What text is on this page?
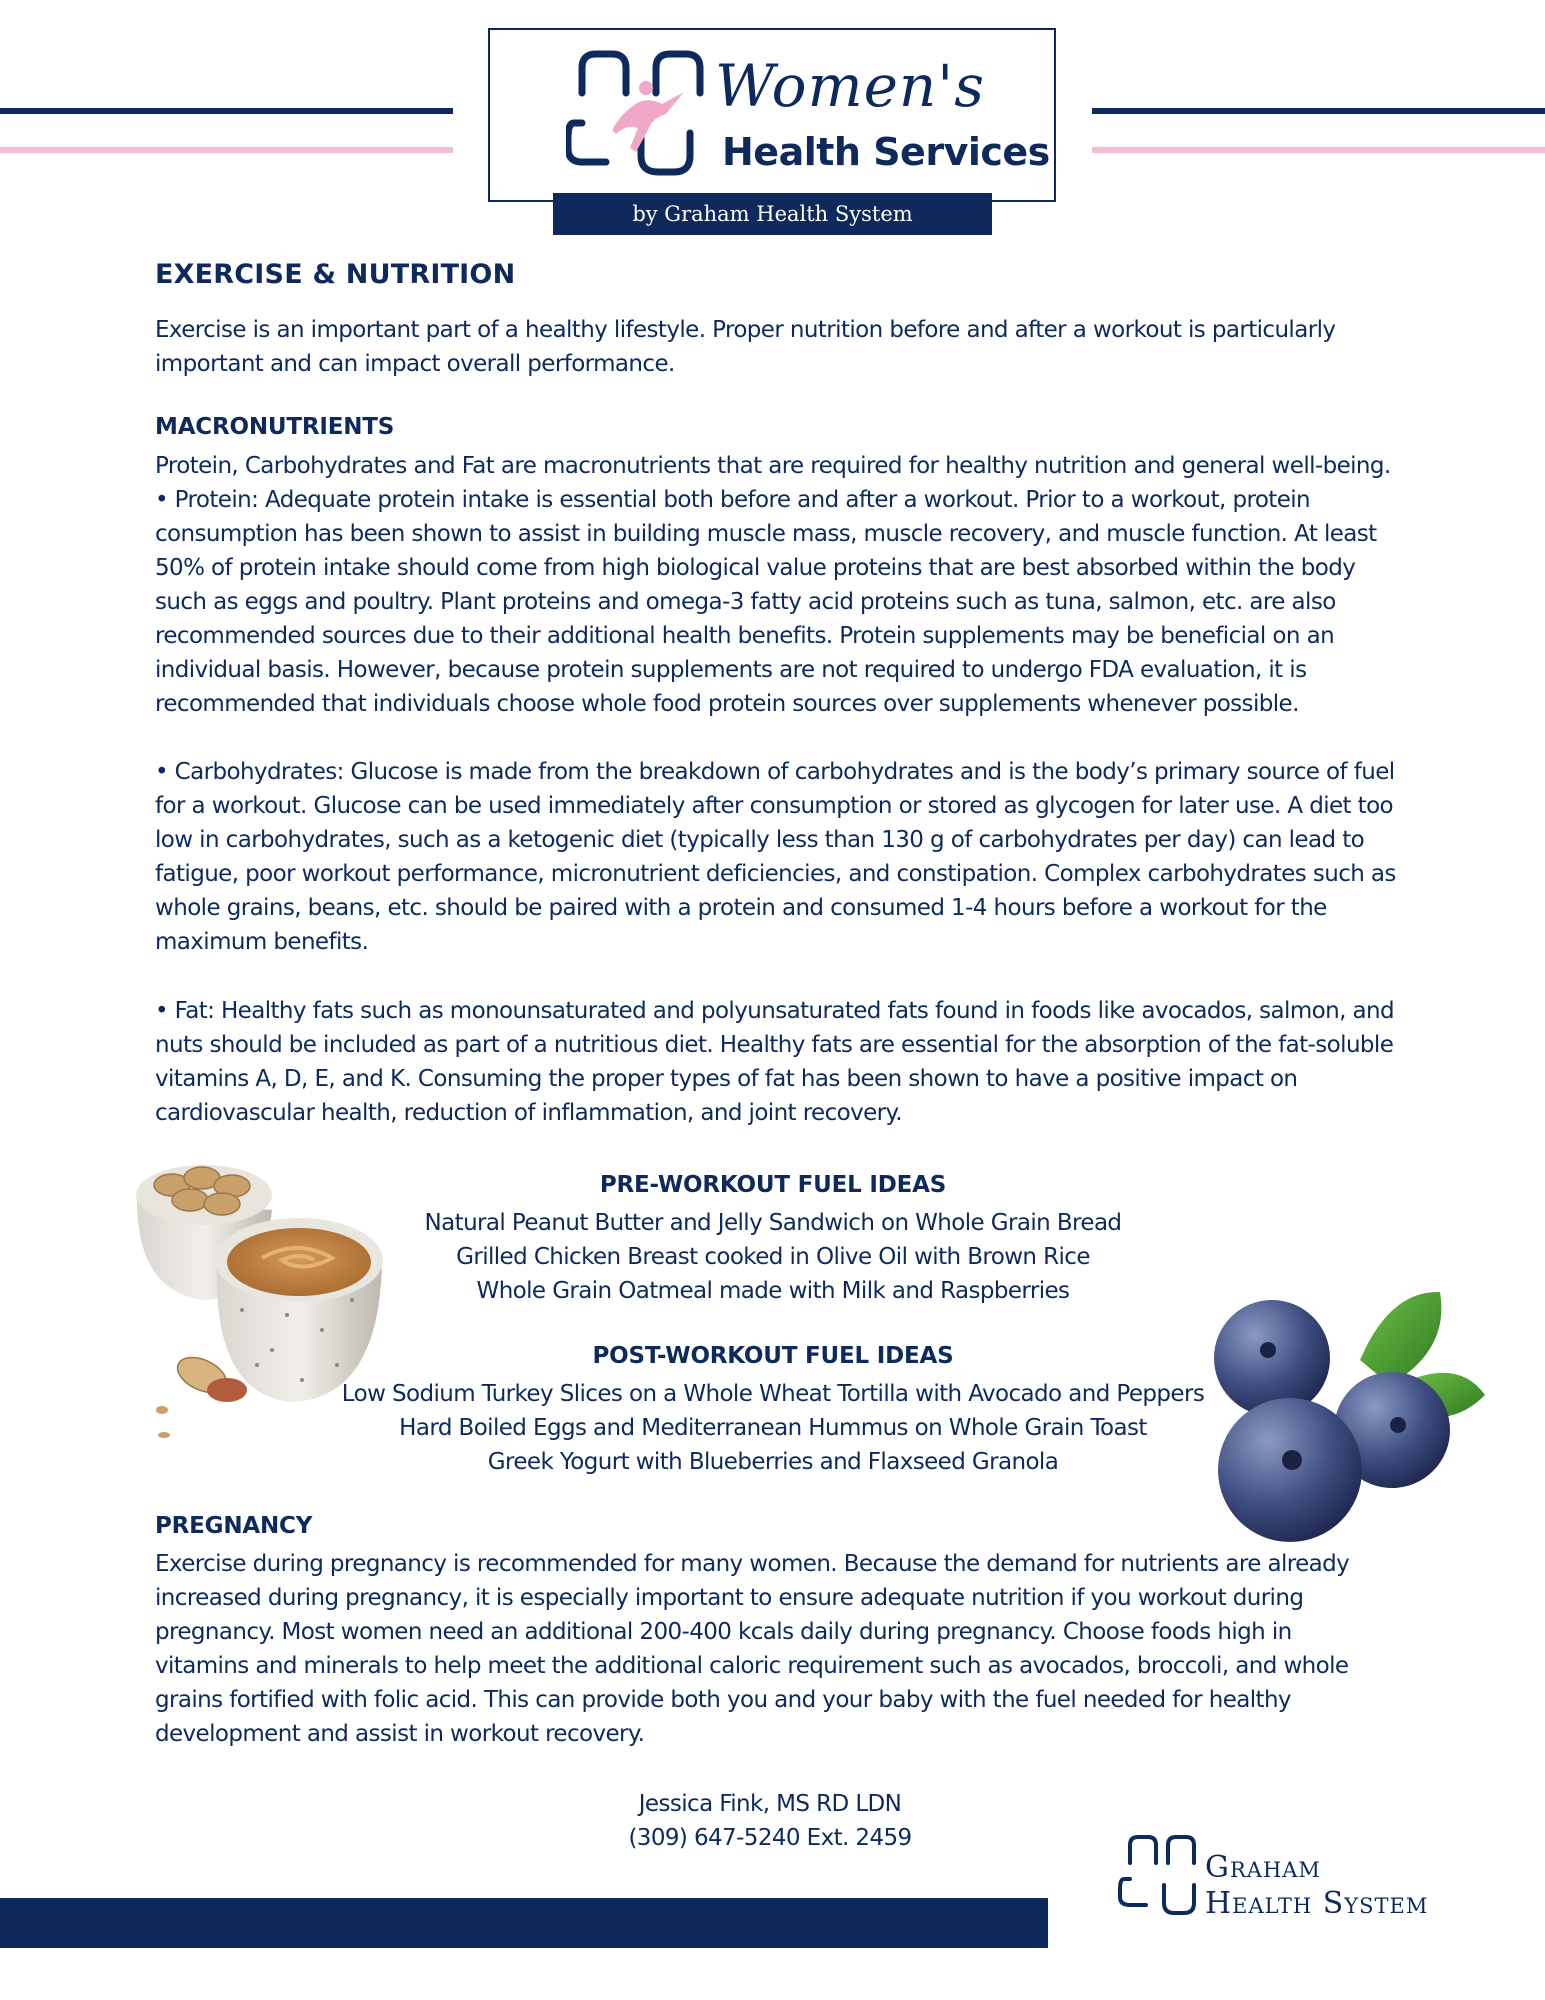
Women's
Health Services
by Graham Health System
EXERCISE & NUTRITION
Exercise is an important part of a healthy lifestyle. Proper nutrition before and after a workout is particularly
important and can impact overall performance.
MACRONUTRIENTS
Protein, Carbohydrates and Fat are macronutrients that are required for healthy nutrition and general well-being.
• Protein: Adequate protein intake is essential both before and after a workout. Prior to a workout, protein
consumption has been shown to assist in building muscle mass, muscle recovery, and muscle function. At least
50% of protein intake should come from high biological value proteins that are best absorbed within the body
such as eggs and poultry. Plant proteins and omega-3 fatty acid proteins such as tuna, salmon, etc. are also
recommended sources due to their additional health benefits. Protein supplements may be beneficial on an
individual basis. However, because protein supplements are not required to undergo FDA evaluation, it is
recommended that individuals choose whole food protein sources over supplements whenever possible.
• Carbohydrates: Glucose is made from the breakdown of carbohydrates and is the body’s primary source of fuel
for a workout. Glucose can be used immediately after consumption or stored as glycogen for later use. A diet too
low in carbohydrates, such as a ketogenic diet (typically less than 130 g of carbohydrates per day) can lead to
fatigue, poor workout performance, micronutrient deficiencies, and constipation. Complex carbohydrates such as
whole grains, beans, etc. should be paired with a protein and consumed 1-4 hours before a workout for the
maximum benefits.
• Fat: Healthy fats such as monounsaturated and polyunsaturated fats found in foods like avocados, salmon, and
nuts should be included as part of a nutritious diet. Healthy fats are essential for the absorption of the fat-soluble
vitamins A, D, E, and K. Consuming the proper types of fat has been shown to have a positive impact on
cardiovascular health, reduction of inflammation, and joint recovery.
PRE-WORKOUT FUEL IDEAS
Natural Peanut Butter and Jelly Sandwich on Whole Grain Bread
Grilled Chicken Breast cooked in Olive Oil with Brown Rice
Whole Grain Oatmeal made with Milk and Raspberries
POST-WORKOUT FUEL IDEAS
Low Sodium Turkey Slices on a Whole Wheat Tortilla with Avocado and Peppers
Hard Boiled Eggs and Mediterranean Hummus on Whole Grain Toast
Greek Yogurt with Blueberries and Flaxseed Granola
PREGNANCY
Exercise during pregnancy is recommended for many women. Because the demand for nutrients are already
increased during pregnancy, it is especially important to ensure adequate nutrition if you workout during
pregnancy. Most women need an additional 200-400 kcals daily during pregnancy. Choose foods high in
vitamins and minerals to help meet the additional caloric requirement such as avocados, broccoli, and whole
grains fortified with folic acid. This can provide both you and your baby with the fuel needed for healthy
development and assist in workout recovery.
Jessica Fink, MS RD LDN
(309) 647-5240 Ext. 2459
Graham
Health System
